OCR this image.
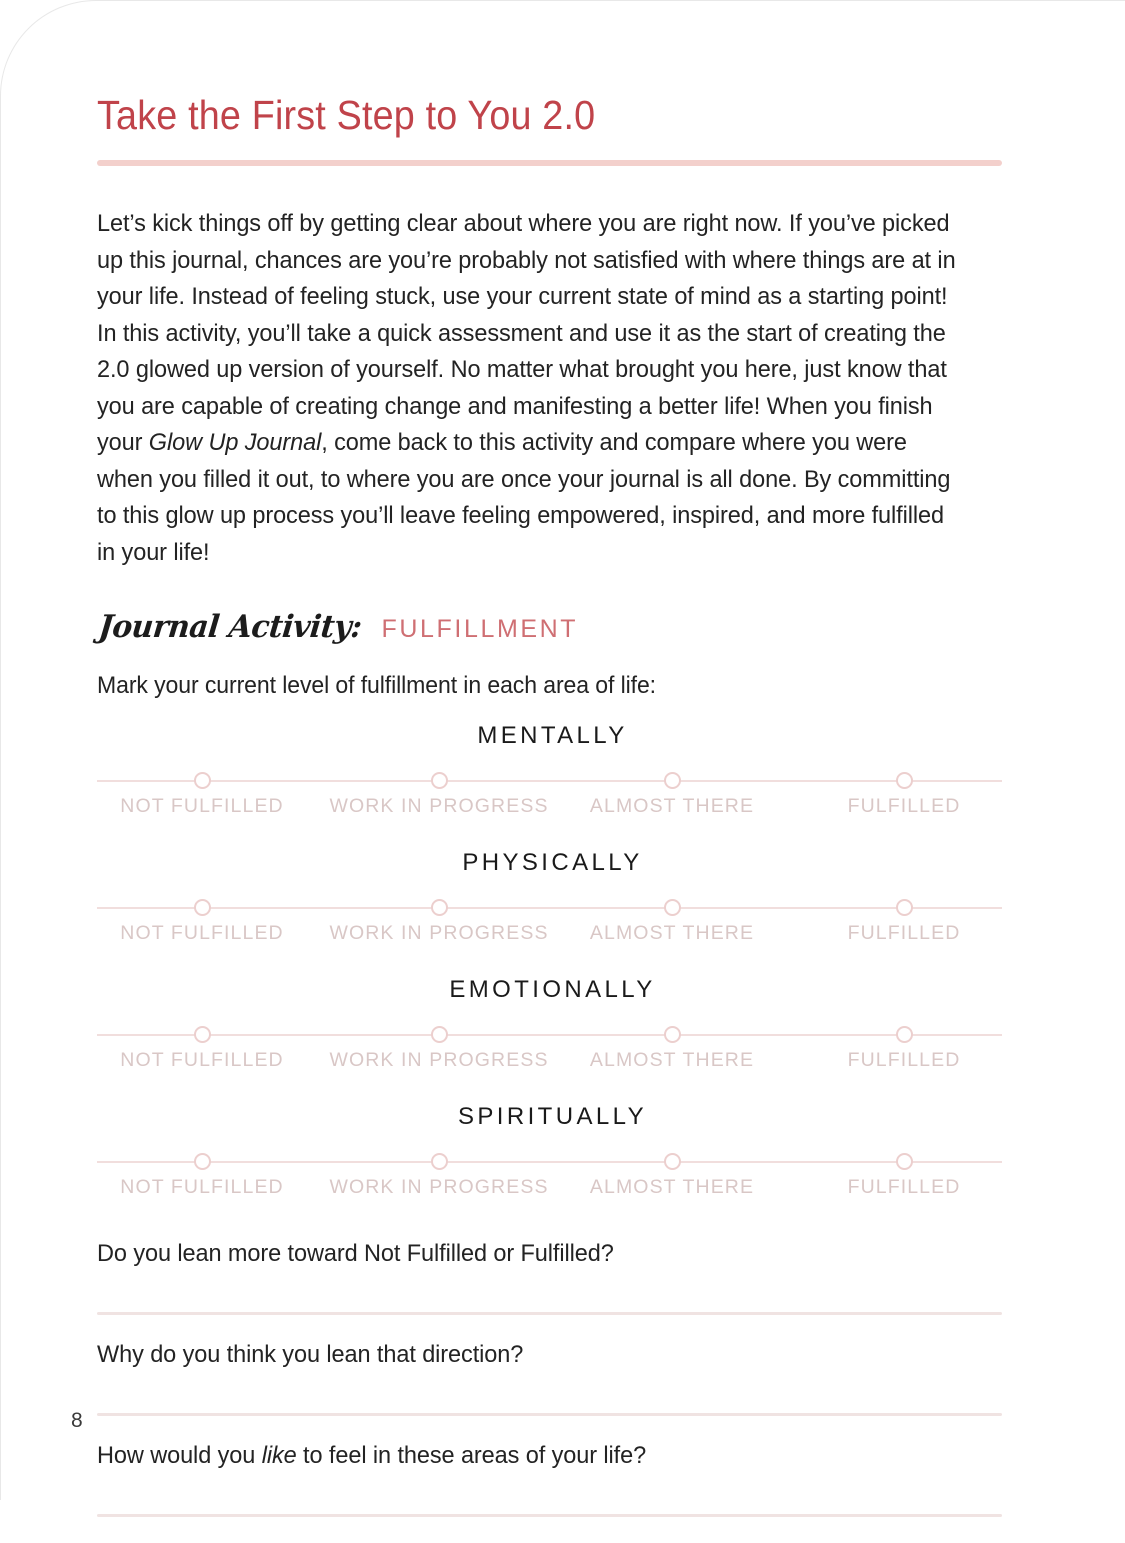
Take the First Step to You 2.0

Let’s kick things off by getting clear about where you are right now. If you’ve picked up this journal, chances are you’re probably not satisfied with where things are at in your life. Instead of feeling stuck, use your current state of mind as a starting point! In this activity, you’ll take a quick assessment and use it as the start of creating the 2.0 glowed up version of yourself. No matter what brought you here, just know that you are capable of creating change and manifesting a better life! When you finish your Glow Up Journal, come back to this activity and compare where you were when you filled it out, to where you are once your journal is all done. By committing to this glow up process you’ll leave feeling empowered, inspired, and more fulfilled in your life!

Journal Activity: FULFILLMENT
Mark your current level of fulfillment in each area of life:
MENTALLY
NOT FULFILLED WORK IN PROGRESS ALMOST THERE	FULFILLED
PHYSICALLY
NOT FULFILLED WORK IN PROGRESS ALMOST THERE	FULFILLED
EMOTIONALLY
NOT FULFILLED WORK IN PROGRESS ALMOST THERE	FULFILLED
SPIRITUALLY
NOT FULFILLED WORK IN PROGRESS ALMOST THERE	FULFILLED
Do you lean more toward Not Fulfilled or Fulfilled?
Why do you think you lean that direction?
How would you like to feel in these areas of your life?
8
